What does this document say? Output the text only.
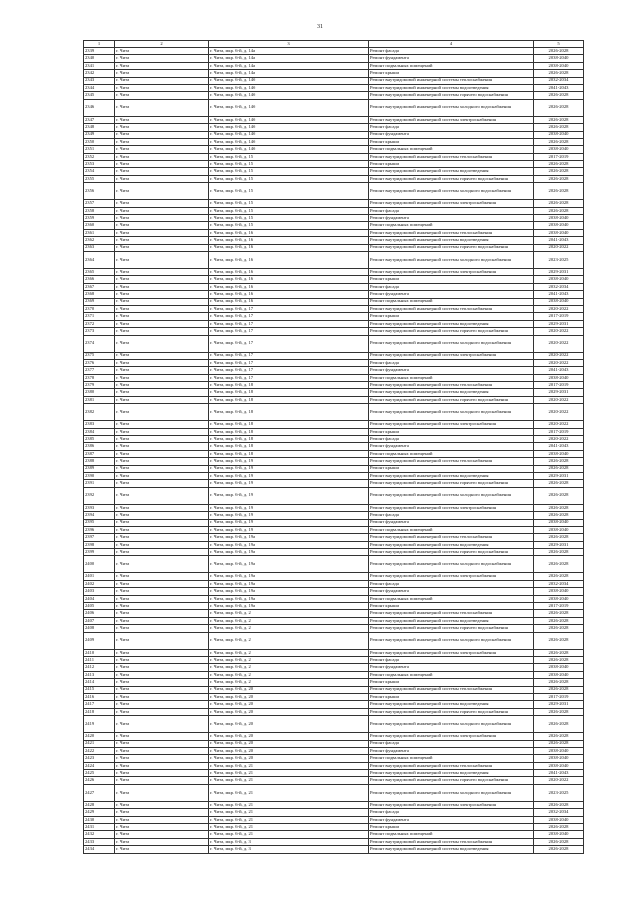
31
1	2	3	4	5
2339	г. Чита	г. Чита, мкр. 6-й, д. 14а	Ремонт фасада	2026-2028
2340	г. Чита	г. Чита, мкр. 6-й, д. 14а	Ремонт фундамента	2038-2040
2341	г. Чита	г. Чита, мкр. 6-й, д. 14а	Ремонт подвальных помещений	2038-2040
2342	г. Чита	г. Чита, мкр. 6-й, д. 14а	Ремонт крыши	2026-2028
2343	г. Чита	г. Чита, мкр. 6-й, д. 14б	Ремонт внутридомовой инженерной системы теплоснабжения	2032-2034
2344	г. Чита	г. Чита, мкр. 6-й, д. 14б	Ремонт внутридомовой инженерной системы водоотведения	2041-2043
2345	г. Чита	г. Чита, мкр. 6-й, д. 14б	Ремонт внутридомовой инженерной системы горячего водоснабжения	2026-2028
2346	г. Чита	г. Чита, мкр. 6-й, д. 14б	Ремонт внутридомовой инженерной системы холодного водоснабжения	2026-2028
2347	г. Чита	г. Чита, мкр. 6-й, д. 14б	Ремонт внутридомовой инженерной системы электроснабжения	2026-2028
2348	г. Чита	г. Чита, мкр. 6-й, д. 14б	Ремонт фасада	2026-2028
2349	г. Чита	г. Чита, мкр. 6-й, д. 14б	Ремонт фундамента	2038-2040
2350	г. Чита	г. Чита, мкр. 6-й, д. 14б	Ремонт крыши	2026-2028
2351	г. Чита	г. Чита, мкр. 6-й, д. 14б	Ремонт подвальных помещений	2038-2040
2352	г. Чита	г. Чита, мкр. 6-й, д. 15	Ремонт внутридомовой инженерной системы теплоснабжения	2017-2019
2353	г. Чита	г. Чита, мкр. 6-й, д. 15	Ремонт крыши	2026-2028
2354	г. Чита	г. Чита, мкр. 6-й, д. 15	Ремонт внутридомовой инженерной системы водоотведения	2026-2028
2355	г. Чита	г. Чита, мкр. 6-й, д. 15	Ремонт внутридомовой инженерной системы горячего водоснабжения	2026-2028
2356	г. Чита	г. Чита, мкр. 6-й, д. 15	Ремонт внутридомовой инженерной системы холодного водоснабжения	2026-2028
2357	г. Чита	г. Чита, мкр. 6-й, д. 15	Ремонт внутридомовой инженерной системы электроснабжения	2026-2028
2358	г. Чита	г. Чита, мкр. 6-й, д. 15	Ремонт фасада	2026-2028
2359	г. Чита	г. Чита, мкр. 6-й, д. 15	Ремонт фундамента	2038-2040
2360	г. Чита	г. Чита, мкр. 6-й, д. 15	Ремонт подвальных помещений	2038-2040
2361	г. Чита	г. Чита, мкр. 6-й, д. 16	Ремонт внутридомовой инженерной системы теплоснабжения	2038-2040
2362	г. Чита	г. Чита, мкр. 6-й, д. 16	Ремонт внутридомовой инженерной системы водоотведения	2041-2043
2363	г. Чита	г. Чита, мкр. 6-й, д. 16	Ремонт внутридомовой инженерной системы горячего водоснабжения	2020-2022
2364	г. Чита	г. Чита, мкр. 6-й, д. 16	Ремонт внутридомовой инженерной системы холодного водоснабжения	2023-2025
2365	г. Чита	г. Чита, мкр. 6-й, д. 16	Ремонт внутридомовой инженерной системы электроснабжения	2029-2031
2366	г. Чита	г. Чита, мкр. 6-й, д. 16	Ремонт крыши	2038-2040
2367	г. Чита	г. Чита, мкр. 6-й, д. 16	Ремонт фасада	2032-2034
2368	г. Чита	г. Чита, мкр. 6-й, д. 16	Ремонт фундамента	2041-2043
2369	г. Чита	г. Чита, мкр. 6-й, д. 16	Ремонт подвальных помещений	2038-2040
2370	г. Чита	г. Чита, мкр. 6-й, д. 17	Ремонт внутридомовой инженерной системы теплоснабжения	2020-2022
2371	г. Чита	г. Чита, мкр. 6-й, д. 17	Ремонт крыши	2017-2019
2372	г. Чита	г. Чита, мкр. 6-й, д. 17	Ремонт внутридомовой инженерной системы водоотведения	2029-2031
2373	г. Чита	г. Чита, мкр. 6-й, д. 17	Ремонт внутридомовой инженерной системы горячего водоснабжения	2020-2022
2374	г. Чита	г. Чита, мкр. 6-й, д. 17	Ремонт внутридомовой инженерной системы холодного водоснабжения	2020-2022
2375	г. Чита	г. Чита, мкр. 6-й, д. 17	Ремонт внутридомовой инженерной системы электроснабжения	2020-2022
2376	г. Чита	г. Чита, мкр. 6-й, д. 17	Ремонт фасада	2020-2022
2377	г. Чита	г. Чита, мкр. 6-й, д. 17	Ремонт фундамента	2041-2043
2378	г. Чита	г. Чита, мкр. 6-й, д. 17	Ремонт подвальных помещений	2038-2040
2379	г. Чита	г. Чита, мкр. 6-й, д. 18	Ремонт внутридомовой инженерной системы теплоснабжения	2017-2019
2380	г. Чита	г. Чита, мкр. 6-й, д. 18	Ремонт внутридомовой инженерной системы водоотведения	2029-2031
2381	г. Чита	г. Чита, мкр. 6-й, д. 18	Ремонт внутридомовой инженерной системы горячего водоснабжения	2020-2022
2382	г. Чита	г. Чита, мкр. 6-й, д. 18	Ремонт внутридомовой инженерной системы холодного водоснабжения	2020-2022
2383	г. Чита	г. Чита, мкр. 6-й, д. 18	Ремонт внутридомовой инженерной системы электроснабжения	2020-2022
2384	г. Чита	г. Чита, мкр. 6-й, д. 18	Ремонт крыши	2017-2019
2385	г. Чита	г. Чита, мкр. 6-й, д. 18	Ремонт фасада	2020-2022
2386	г. Чита	г. Чита, мкр. 6-й, д. 18	Ремонт фундамента	2041-2043
2387	г. Чита	г. Чита, мкр. 6-й, д. 18	Ремонт подвальных помещений	2038-2040
2388	г. Чита	г. Чита, мкр. 6-й, д. 19	Ремонт внутридомовой инженерной системы теплоснабжения	2026-2028
2389	г. Чита	г. Чита, мкр. 6-й, д. 19	Ремонт крыши	2026-2028
2390	г. Чита	г. Чита, мкр. 6-й, д. 19	Ремонт внутридомовой инженерной системы водоотведения	2029-2031
2391	г. Чита	г. Чита, мкр. 6-й, д. 19	Ремонт внутридомовой инженерной системы горячего водоснабжения	2026-2028
2392	г. Чита	г. Чита, мкр. 6-й, д. 19	Ремонт внутридомовой инженерной системы холодного водоснабжения	2026-2028
2393	г. Чита	г. Чита, мкр. 6-й, д. 19	Ремонт внутридомовой инженерной системы электроснабжения	2026-2028
2394	г. Чита	г. Чита, мкр. 6-й, д. 19	Ремонт фасада	2026-2028
2395	г. Чита	г. Чита, мкр. 6-й, д. 19	Ремонт фундамента	2038-2040
2396	г. Чита	г. Чита, мкр. 6-й, д. 19	Ремонт подвальных помещений	2038-2040
2397	г. Чита	г. Чита, мкр. 6-й, д. 19а	Ремонт внутридомовой инженерной системы теплоснабжения	2026-2028
2398	г. Чита	г. Чита, мкр. 6-й, д. 19а	Ремонт внутридомовой инженерной системы водоотведения	2029-2031
2399	г. Чита	г. Чита, мкр. 6-й, д. 19а	Ремонт внутридомовой инженерной системы горячего водоснабжения	2026-2028
2400	г. Чита	г. Чита, мкр. 6-й, д. 19а	Ремонт внутридомовой инженерной системы холодного водоснабжения	2026-2028
2401	г. Чита	г. Чита, мкр. 6-й, д. 19а	Ремонт внутридомовой инженерной системы электроснабжения	2026-2028
2402	г. Чита	г. Чита, мкр. 6-й, д. 19а	Ремонт фасада	2032-2034
2403	г. Чита	г. Чита, мкр. 6-й, д. 19а	Ремонт фундамента	2038-2040
2404	г. Чита	г. Чита, мкр. 6-й, д. 19а	Ремонт подвальных помещений	2038-2040
2405	г. Чита	г. Чита, мкр. 6-й, д. 19а	Ремонт крыши	2017-2019
2406	г. Чита	г. Чита, мкр. 6-й, д. 2	Ремонт внутридомовой инженерной системы теплоснабжения	2026-2028
2407	г. Чита	г. Чита, мкр. 6-й, д. 2	Ремонт внутридомовой инженерной системы водоотведения	2026-2028
2408	г. Чита	г. Чита, мкр. 6-й, д. 2	Ремонт внутридомовой инженерной системы горячего водоснабжения	2026-2028
2409	г. Чита	г. Чита, мкр. 6-й, д. 2	Ремонт внутридомовой инженерной системы холодного водоснабжения	2026-2028
2410	г. Чита	г. Чита, мкр. 6-й, д. 2	Ремонт внутридомовой инженерной системы электроснабжения	2026-2028
2411	г. Чита	г. Чита, мкр. 6-й, д. 2	Ремонт фасада	2026-2028
2412	г. Чита	г. Чита, мкр. 6-й, д. 2	Ремонт фундамента	2038-2040
2413	г. Чита	г. Чита, мкр. 6-й, д. 2	Ремонт подвальных помещений	2038-2040
2414	г. Чита	г. Чита, мкр. 6-й, д. 2	Ремонт крыши	2026-2028
2415	г. Чита	г. Чита, мкр. 6-й, д. 20	Ремонт внутридомовой инженерной системы теплоснабжения	2026-2028
2416	г. Чита	г. Чита, мкр. 6-й, д. 20	Ремонт крыши	2017-2019
2417	г. Чита	г. Чита, мкр. 6-й, д. 20	Ремонт внутридомовой инженерной системы водоотведения	2029-2031
2418	г. Чита	г. Чита, мкр. 6-й, д. 20	Ремонт внутридомовой инженерной системы горячего водоснабжения	2026-2028
2419	г. Чита	г. Чита, мкр. 6-й, д. 20	Ремонт внутридомовой инженерной системы холодного водоснабжения	2026-2028
2420	г. Чита	г. Чита, мкр. 6-й, д. 20	Ремонт внутридомовой инженерной системы электроснабжения	2026-2028
2421	г. Чита	г. Чита, мкр. 6-й, д. 20	Ремонт фасада	2026-2028
2422	г. Чита	г. Чита, мкр. 6-й, д. 20	Ремонт фундамента	2038-2040
2423	г. Чита	г. Чита, мкр. 6-й, д. 20	Ремонт подвальных помещений	2038-2040
2424	г. Чита	г. Чита, мкр. 6-й, д. 21	Ремонт внутридомовой инженерной системы теплоснабжения	2038-2040
2425	г. Чита	г. Чита, мкр. 6-й, д. 21	Ремонт внутридомовой инженерной системы водоотведения	2041-2043
2426	г. Чита	г. Чита, мкр. 6-й, д. 21	Ремонт внутридомовой инженерной системы горячего водоснабжения	2020-2022
2427	г. Чита	г. Чита, мкр. 6-й, д. 21	Ремонт внутридомовой инженерной системы холодного водоснабжения	2023-2025
2428	г. Чита	г. Чита, мкр. 6-й, д. 21	Ремонт внутридомовой инженерной системы электроснабжения	2026-2028
2429	г. Чита	г. Чита, мкр. 6-й, д. 21	Ремонт фасада	2032-2034
2430	г. Чита	г. Чита, мкр. 6-й, д. 21	Ремонт фундамента	2038-2040
2431	г. Чита	г. Чита, мкр. 6-й, д. 21	Ремонт крыши	2026-2028
2432	г. Чита	г. Чита, мкр. 6-й, д. 21	Ремонт подвальных помещений	2038-2040
2433	г. Чита	г. Чита, мкр. 6-й, д. 3	Ремонт внутридомовой инженерной системы теплоснабжения	2026-2028
2434	г. Чита	г. Чита, мкр. 6-й, д. 3	Ремонт внутридомовой инженерной системы водоотведения	2026-2028
